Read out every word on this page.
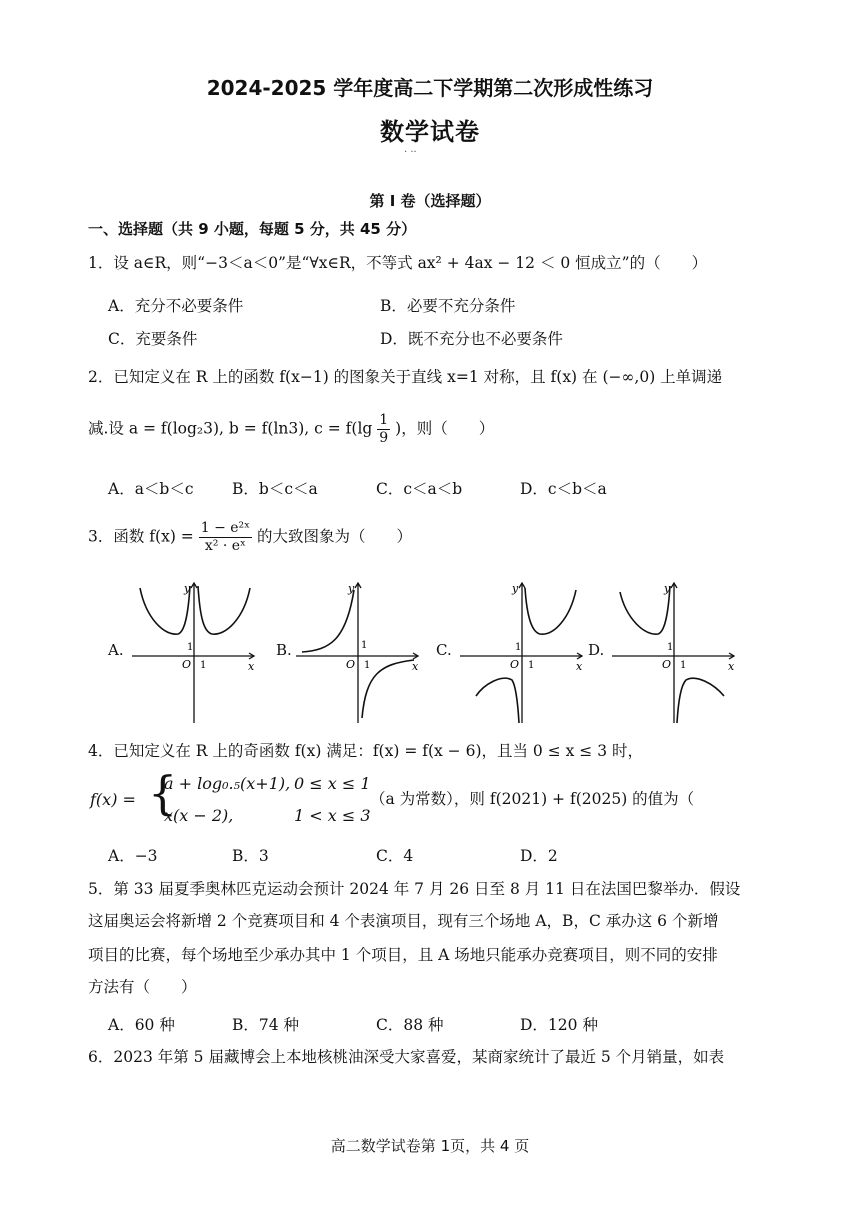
2024-2025 学年度高二下学期第二次形成性练习
数学试卷
· ··
第 I 卷（选择题）
一、选择题（共 9 小题，每题 5 分，共 45 分）
1．设 a∈R，则“−3＜a＜0”是“∀x∈R，不等式 ax² + 4ax − 12 ＜ 0 恒成立”的（　　）
A．充分不必要条件	B．必要不充分条件
C．充要条件	D．既不充分也不必要条件
2．已知定义在 R 上的函数 f(x−1) 的图象关于直线 x=1 对称，且 f(x) 在 (−∞,0) 上单调递
减.设 a = f(log₂3), b = f(ln3), $c = f(\lg \frac{1}{9}$ )，则（　　）
A．a＜b＜c B．b＜c＜a	C．c＜a＜b	D．c＜b＜a
3．函数 $f(x) = \frac{\text{1 − e²ˣ}}{\text{x² · eˣ}}$ 的大致图象为（　　）
A.
y
x
O
1
1
B.
y
x
O
1
1
C.
y
x
O
1
1
D.
y
x
O
1
1
4．已知定义在 R 上的奇函数 f(x) 满足：f(x) = f(x − 6)，且当 0 ≤ x ≤ 3 时，
f(x) = {
a + log₀.₅(x+1), 0 ≤ x ≤ 1
x(x − 2),	1 < x ≤ 3
（a 为常数），则 f(2021) + f(2025) 的值为（
A．−3	B．3	C．4	D．2
5．第 33 届夏季奥林匹克运动会预计 2024 年 7 月 26 日至 8 月 11 日在法国巴黎举办．假设
这届奥运会将新增 2 个竞赛项目和 4 个表演项目，现有三个场地 A，B，C 承办这 6 个新增
项目的比赛，每个场地至少承办其中 1 个项目，且 A 场地只能承办竞赛项目，则不同的安排
方法有（　　）
A．60 种	B．74 种	C．88 种	D．120 种
6．2023 年第 5 届藏博会上本地核桃油深受大家喜爱，某商家统计了最近 5 个月销量，如表
高二数学试卷第 1页，共 4 页
